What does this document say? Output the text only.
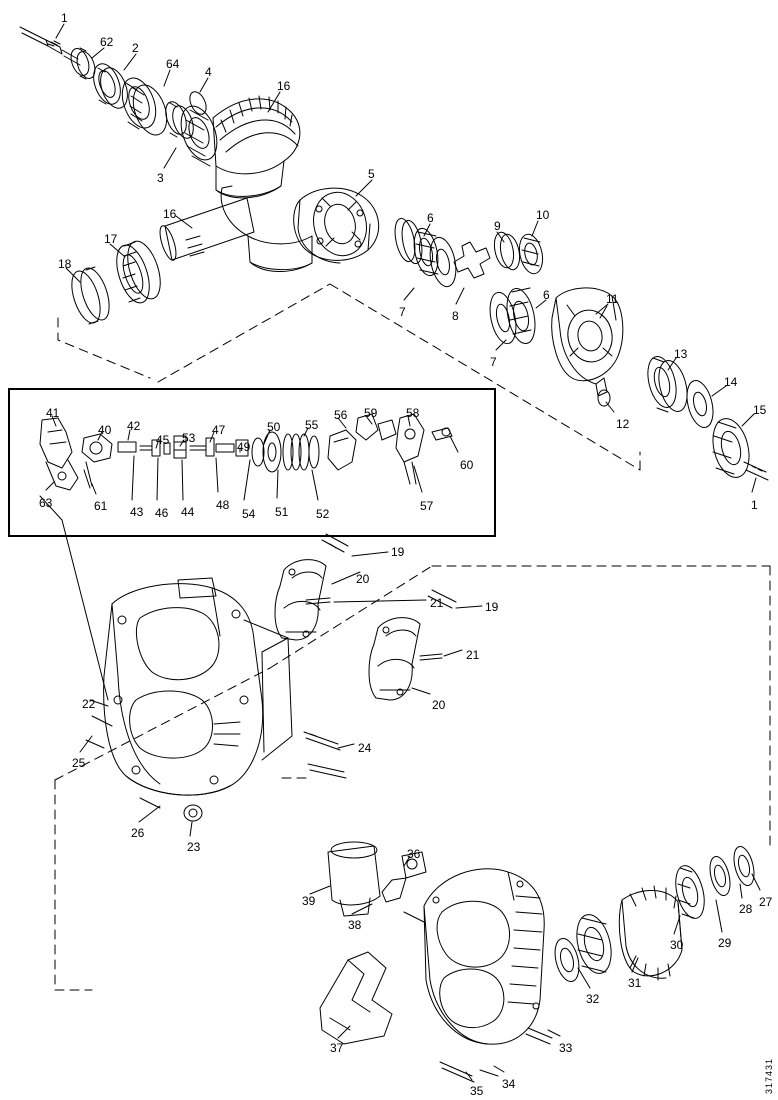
1
62 2
64
4
16
3	5
16	6
9
10
17
18
6	11
7	8
7
13
14
15
12
1
41
40 42
45 53
47
49
50 55
56 59 58
60
63	61 43 46 44 48
54 51 52
57
19
20
21	19
21
20
22
25
24
26
23
39
38
36
37
35 34
33
32
31
30	29
28 27
317431
